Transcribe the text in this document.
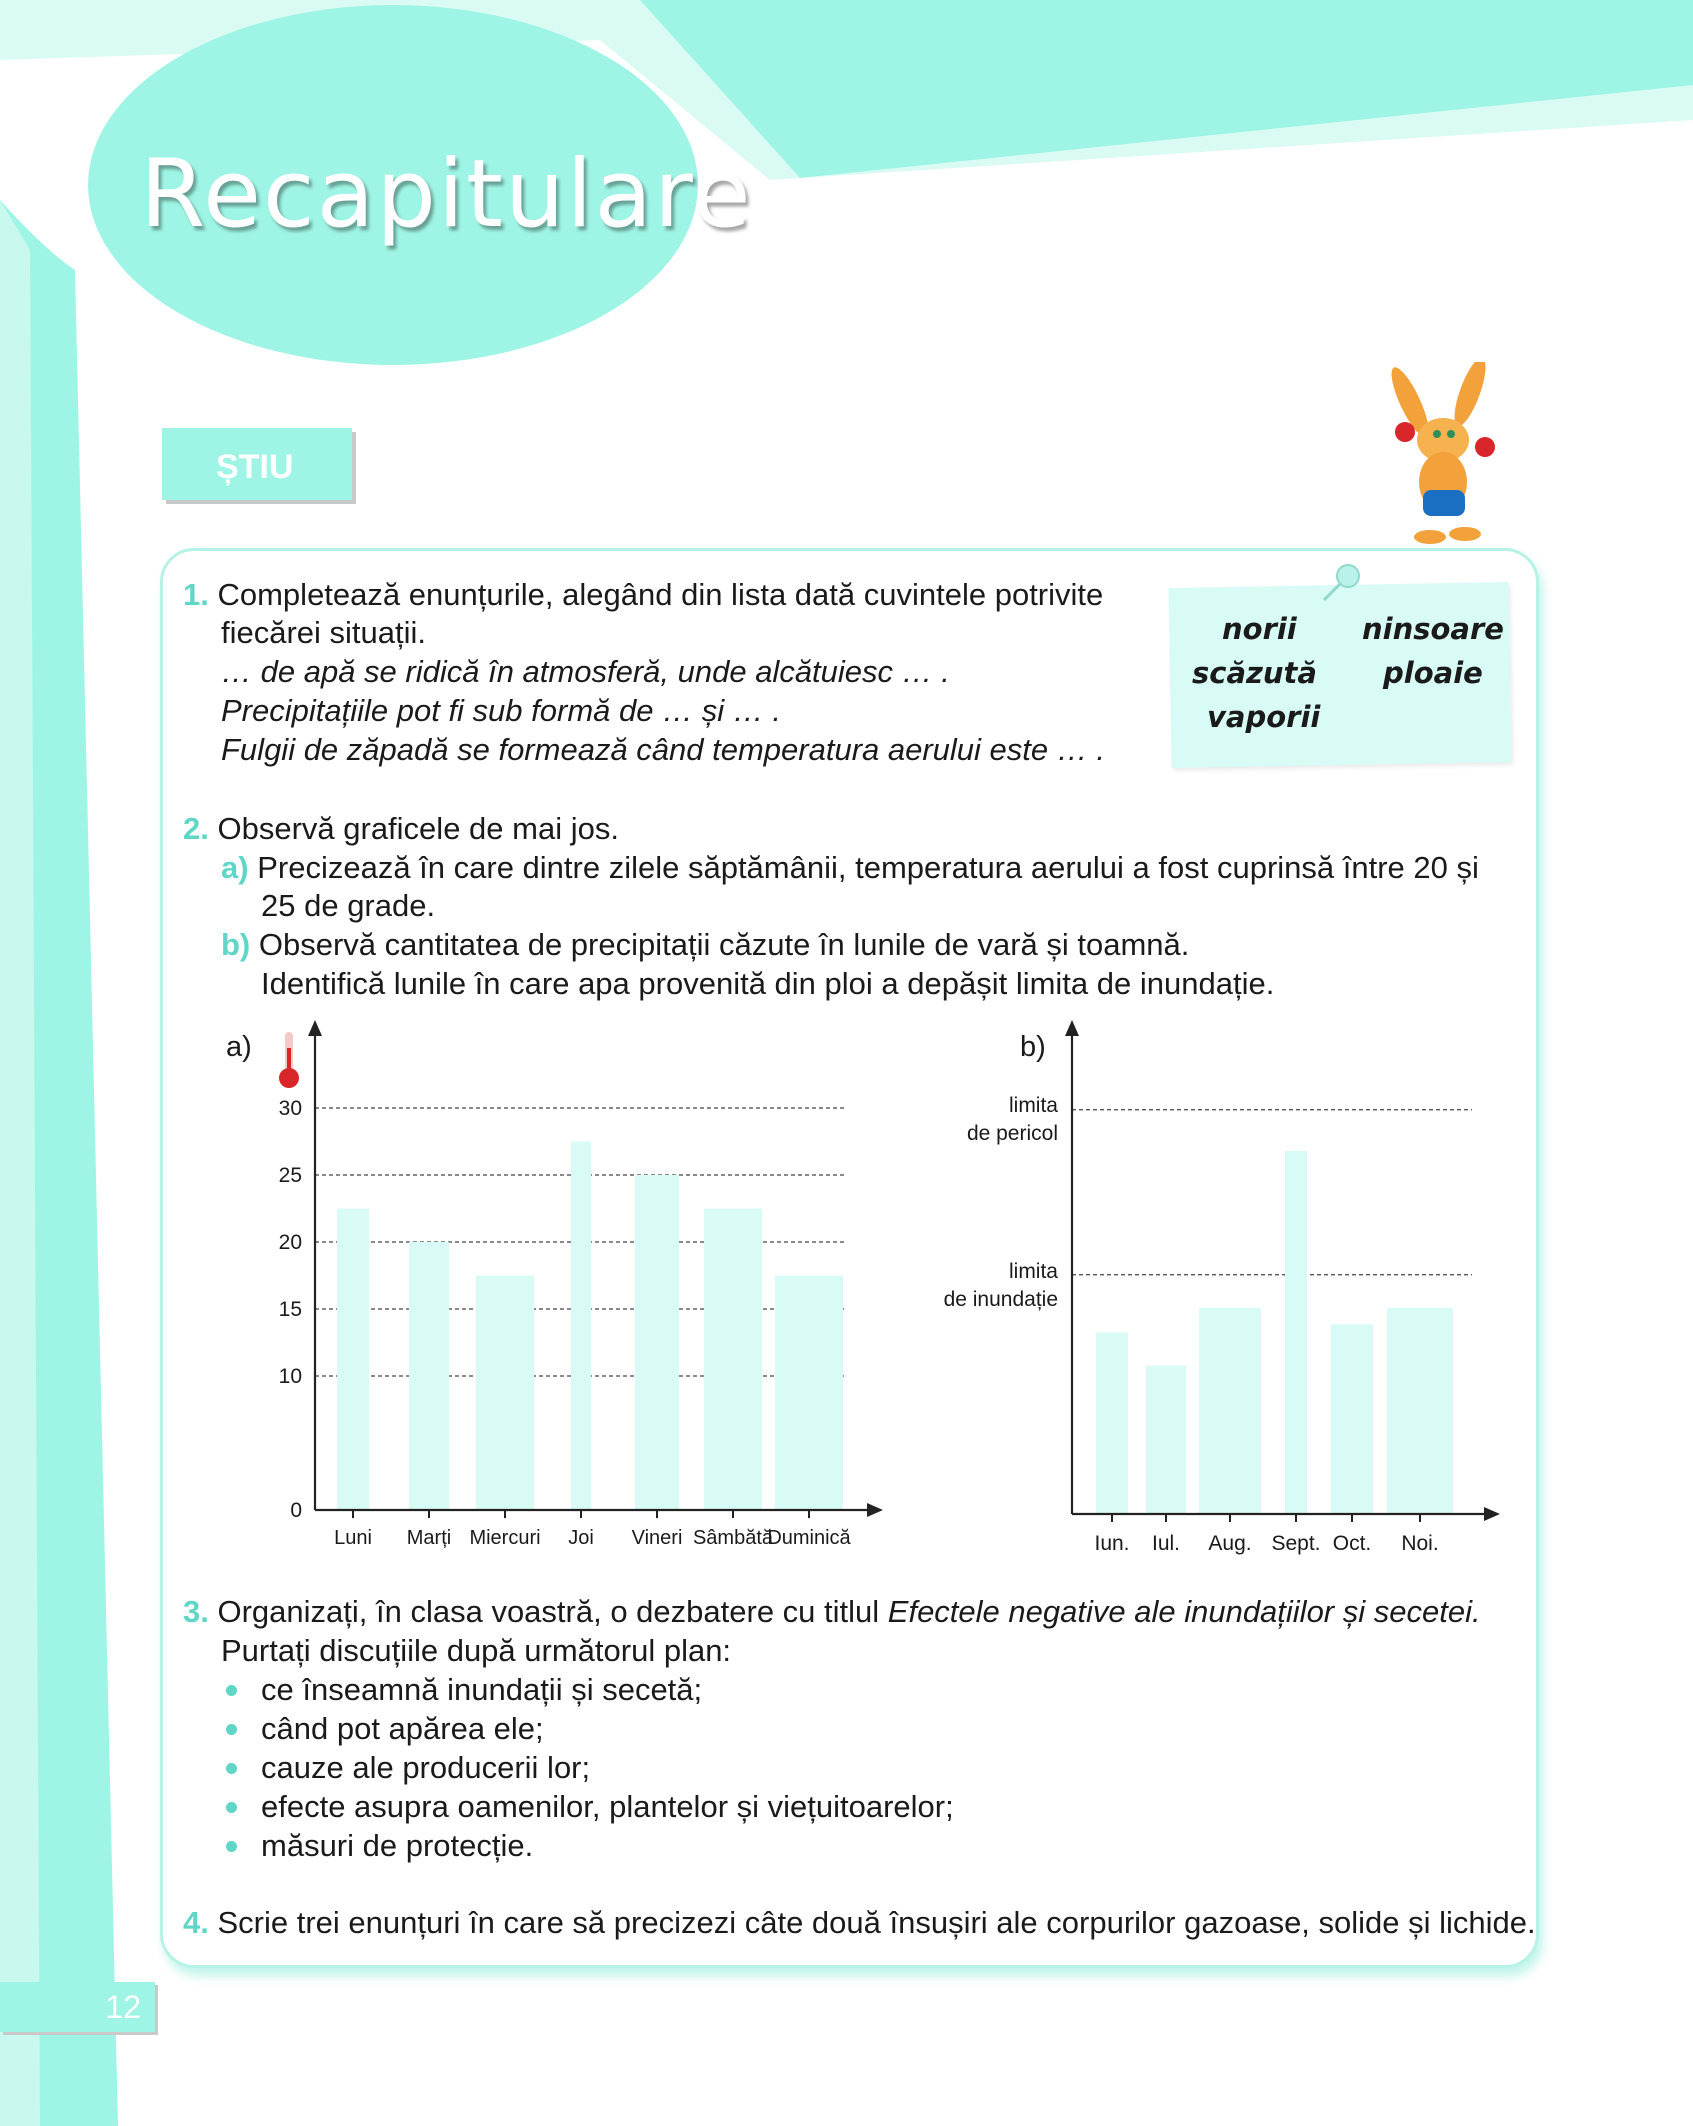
Recapitulare
ȘTIU
1. Completează enunțurile, alegând din lista dată cuvintele potrivite
fiecărei situații.
… de apă se ridică în atmosferă, unde alcătuiesc … .
Precipitațiile pot fi sub formă de … și … .
Fulgii de zăpadă se formează când temperatura aerului este … .
norii ninsoare
scăzută ploaie
vaporii
2. Observă graficele de mai jos.
a) Precizează în care dintre zilele săptămânii, temperatura aerului a fost cuprinsă între 20 și
25 de grade.
b) Observă cantitatea de precipitații căzute în lunile de vară și toamnă.
Identifică lunile în care apa provenită din ploi a depășit limita de inundație.
a)
0
10
15
20
25
30
Luni Marți Miercuri Joi Vineri Sâmbătă
Duminică
b)
limita
de pericol
limita
de inundație
Iun. Iul. Aug. Sept. Oct. Noi.
3. Organizați, în clasa voastră, o dezbatere cu titlul Efectele negative ale inundațiilor și secetei.
Purtați discuțiile după următorul plan:
ce înseamnă inundații și secetă;
când pot apărea ele;
cauze ale producerii lor;
efecte asupra oamenilor, plantelor și viețuitoarelor;
măsuri de protecție.
4. Scrie trei enunțuri în care să precizezi câte două însușiri ale corpurilor gazoase, solide și lichide.
12
